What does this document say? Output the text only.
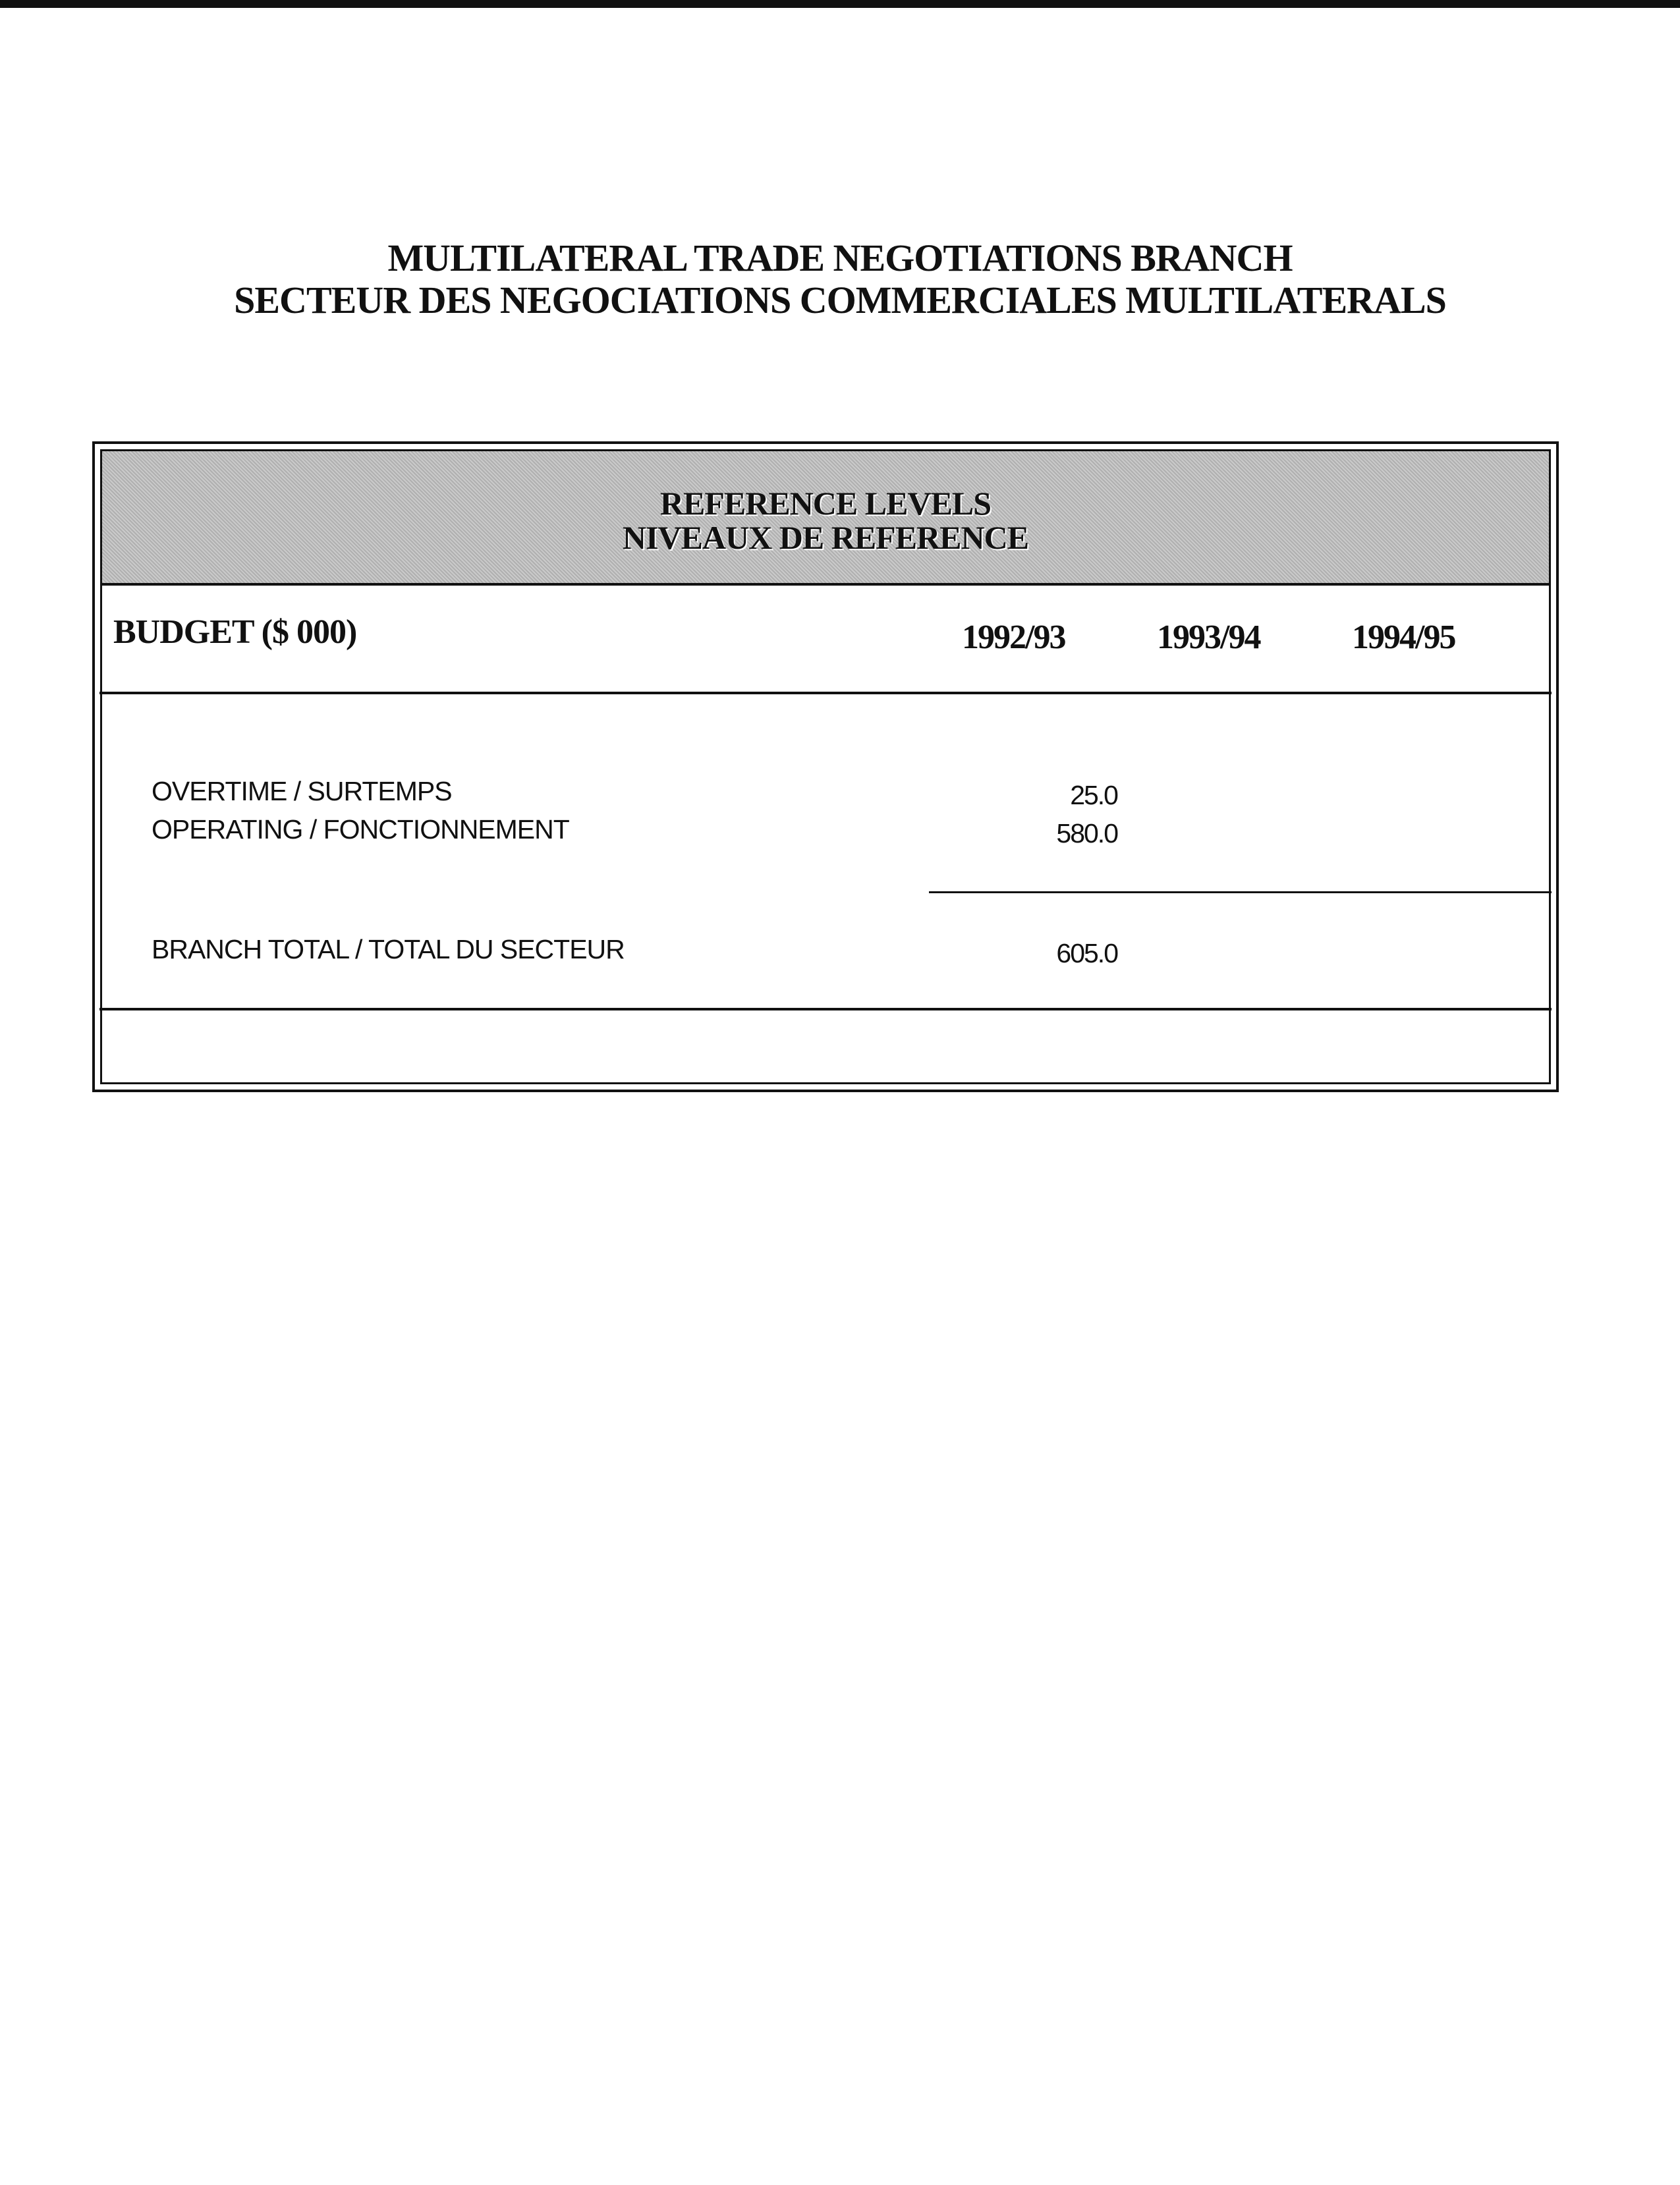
MULTILATERAL TRADE NEGOTIATIONS BRANCH
SECTEUR DES NEGOCIATIONS COMMERCIALES MULTILATERALS
REFERENCE LEVELS
NIVEAUX DE REFERENCE
BUDGET ($ 000)	1992/93	1993/94	1994/95
OVERTIME / SURTEMPS	25.0
OPERATING / FONCTIONNEMENT	580.0
BRANCH TOTAL / TOTAL DU SECTEUR	605.0
